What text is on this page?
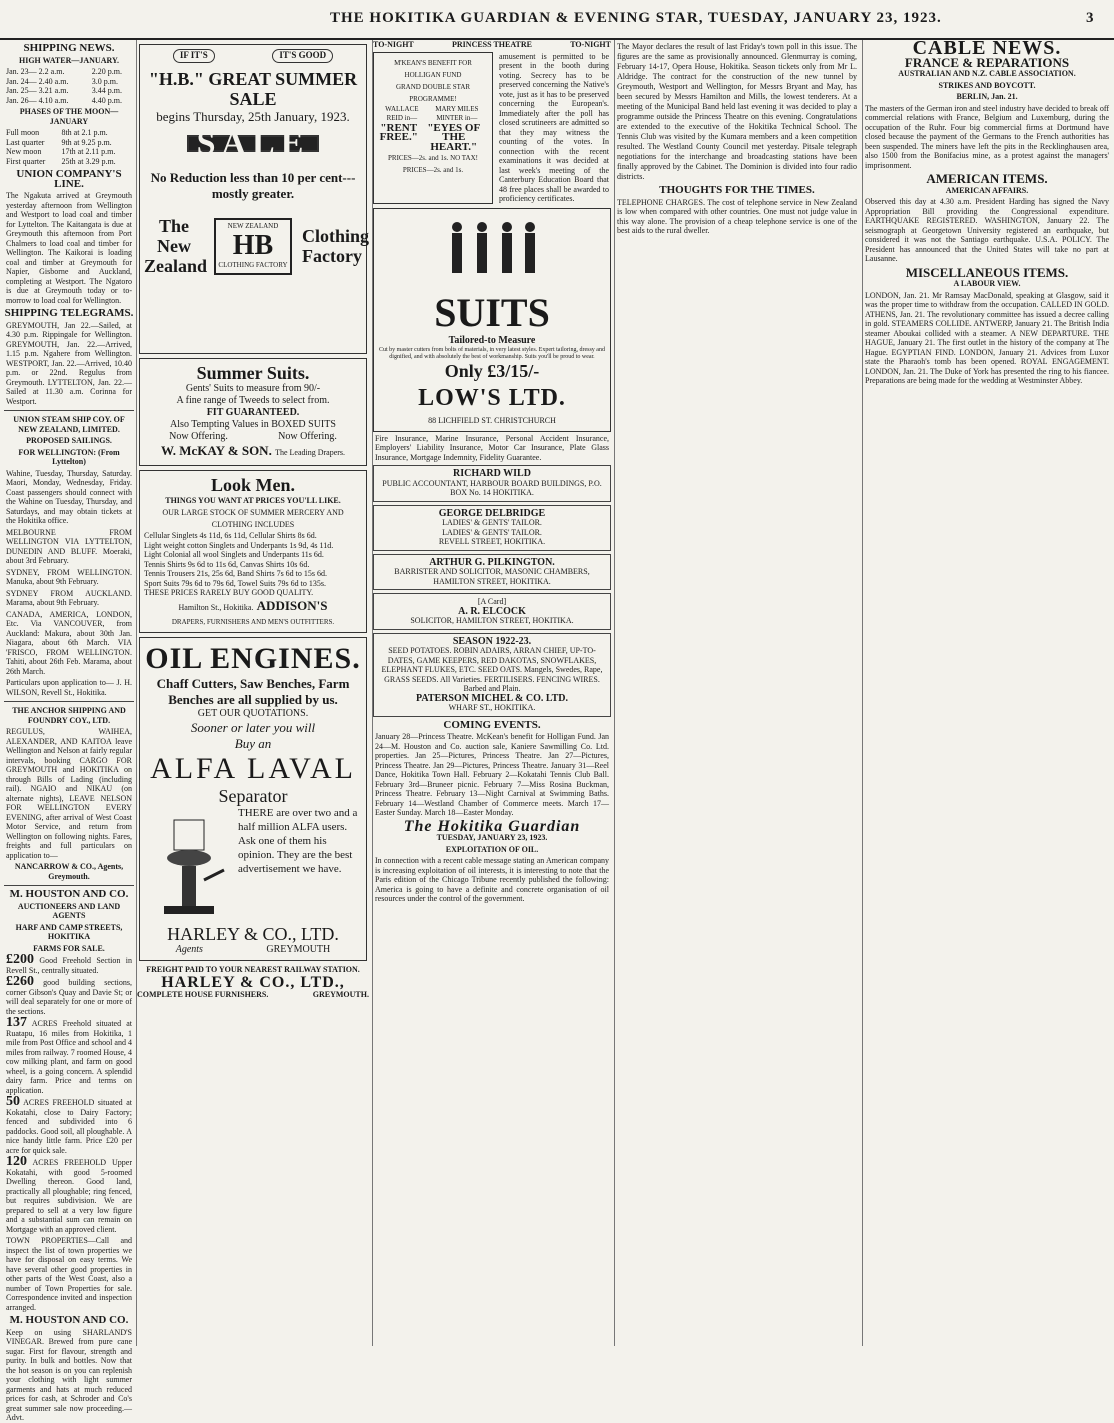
THE HOKITIKA GUARDIAN & EVENING STAR, TUESDAY, JANUARY 23, 1923.	3
SHIPPING NEWS.
HIGH WATER—JANUARY.
Jan. 23— 2.2 a.m.	2.20 p.m.
Jan. 24— 2.40 a.m.	3.0 p.m.
Jan. 25— 3.21 a.m.	3.44 p.m.
Jan. 26— 4.10 a.m.	4.40 p.m.
PHASES OF THE MOON—JANUARY
Full moon	8th at 2.1 p.m.
Last quarter	9th at 9.25 p.m.
New moon	17th at 2.11 p.m.
First quarter	25th at 3.29 p.m.
UNION COMPANY'S LINE.
The Ngakuta arrived at Greymouth yesterday afternoon from Wellington and Westport to load coal and timber for Lyttelton. The Kaitangata is due at Greymouth this afternoon from Port Chalmers to load coal and timber for Wellington. The Kaikorai is loading coal and timber at Greymouth for Napier, Gisborne and Auckland, completing at Westport. The Ngatoro is due at Greymouth today or to-morrow to load coal for Wellington.
SHIPPING TELEGRAMS.
GREYMOUTH, Jan 22.—Sailed, at 4.30 p.m. Rippingale for Wellington. GREYMOUTH, Jan. 22.—Arrived, 1.15 p.m. Ngahere from Wellington. WESTPORT, Jan. 22.—Arrived, 10.40 p.m. or 22nd. Regulus from Greymouth. LYTTELTON, Jan. 22.—Sailed at 11.30 a.m. Corinna for Westport.
UNION STEAM SHIP COY. OF NEW ZEALAND, LIMITED.
PROPOSED SAILINGS.
FOR WELLINGTON: (From Lyttelton)
Wahine, Tuesday, Thursday, Saturday. Maori, Monday, Wednesday, Friday. Coast passengers should connect with the Wahine on Tuesday, Thursday, and Saturdays, and may obtain tickets at the Hokitika office.
MELBOURNE FROM WELLINGTON VIA LYTTELTON, DUNEDIN AND BLUFF. Moeraki, about 3rd February.
SYDNEY, FROM WELLINGTON. Manuka, about 9th February.
SYDNEY FROM AUCKLAND. Marama, about 9th February.
CANADA, AMERICA, LONDON, Etc. Via VANCOUVER, from Auckland: Makura, about 30th Jan. Niagara, about 6th March. VIA 'FRISCO, FROM WELLINGTON. Tahiti, about 26th Feb. Marama, about 26th March.
Particulars upon application to— J. H. WILSON, Revell St., Hokitika.
THE ANCHOR SHIPPING AND FOUNDRY COY., LTD.
REGULUS, WAIHEA, ALEXANDER, AND KAITOA leave Wellington and Nelson at fairly regular intervals, booking CARGO FOR GREYMOUTH and HOKITIKA on through Bills of Lading (including rail). NGAIO and NIKAU (on alternate nights), LEAVE NELSON FOR WELLINGTON EVERY EVENING, after arrival of West Coast Motor Service, and return from Wellington on following nights. Fares, freights and full particulars on application to—
NANCARROW & CO., Agents, Greymouth.
M. HOUSTON AND CO.
AUCTIONEERS AND LAND AGENTS
HARF AND CAMP STREETS, HOKITIKA
FARMS FOR SALE.
£200 Good Freehold Section in Revell St., centrally situated.
£260 good building sections, corner Gibson's Quay and Davie St; or will deal separately for one or more of the sections.
137 ACRES Freehold situated at Ruatapu, 16 miles from Hokitika, 1 mile from Post Office and school and 4 miles from railway. 7 roomed House, 4 cow milking plant, and farm on good wheel, is a going concern. A splendid dairy farm. Price and terms on application.
50 ACRES FREEHOLD situated at Kokatahi, close to Dairy Factory; fenced and subdivided into 6 paddocks. Good soil, all ploughable. A nice handy little farm. Price £20 per acre for quick sale.
120 ACRES FREEHOLD Upper Kokatahi, with good 5-roomed Dwelling thereon. Good land, practically all ploughable; ring fenced, but requires subdivision. We are prepared to sell at a very low figure and a substantial sum can remain on Mortgage with an approved client.
TOWN PROPERTIES—Call and inspect the list of town properties we have for disposal on easy terms. We have several other good properties in other parts of the West Coast, also a number of Town Properties for sale. Correspondence invited and inspection arranged.
M. HOUSTON AND CO.
Keep on using SHARLAND'S VINEGAR. Brewed from pure cane sugar. First for flavour, strength and purity. In bulk and bottles. Now that the hot season is on you can replenish your clothing with light summer garments and hats at much reduced prices for cash, at Schroder and Co's great summer sale now proceeding.—Advt.
IF IT'S	IT'S GOOD
"H.B." GREAT SUMMER SALE
begins Thursday, 25th January, 1923.
SALE
No Reduction less than 10 per cent---mostly greater.
The New Zealand
NEW ZEALAND
HB
CLOTHING FACTORY
Clothing Factory
Summer Suits.
Gents' Suits to measure from 90/-
A fine range of Tweeds to select from.
FIT GUARANTEED.
Also Tempting Values in BOXED SUITS
Now Offering.	Now Offering.
W. McKAY & SON. The Leading Drapers.
Look Men.
THINGS YOU WANT AT PRICES YOU'LL LIKE.
OUR LARGE STOCK OF SUMMER MERCERY AND CLOTHING INCLUDES
Cellular Singlets 4s 11d, 6s 11d, Cellular Shirts 8s 6d.
Light weight cotton Singlets and Underpants 1s 9d, 4s 11d.
Light Colonial all wool Singlets and Underpants 11s 6d.
Tennis Shirts 9s 6d to 11s 6d, Canvas Shirts 10s 6d.
Tennis Trousers 21s, 25s 6d, Band Shirts 7s 6d to 15s 6d.
Sport Suits 79s 6d to 79s 6d, Towel Suits 79s 6d to 135s.
THESE PRICES RARELY BUY GOOD QUALITY.
Hamilton St., Hokitika. ADDISON'S
DRAPERS, FURNISHERS AND MEN'S OUTFITTERS.
OIL ENGINES.
Chaff Cutters, Saw Benches, Farm Benches are all supplied by us.
GET OUR QUOTATIONS.
Sooner or later you will
Buy an
ALFA LAVAL
Separator
THERE are over two and a half million ALFA users. Ask one of them his opinion. They are the best advertisement we have.
HARLEY & CO., LTD.
Agents	GREYMOUTH
FREIGHT PAID TO YOUR NEAREST RAILWAY STATION.
HARLEY & CO., LTD.,
COMPLETE HOUSE FURNISHERS.	GREYMOUTH.
TO-NIGHT	PRINCESS THEATRE	TO-NIGHT
M'KEAN'S BENEFIT FOR HOLLIGAN FUND
GRAND DOUBLE STAR PROGRAMME!
WALLACE REID in—
MARY MILES MINTER in—
"RENT FREE."
"EYES OF THE HEART."
PRICES—2s. and 1s. NO TAX! PRICES—2s. and 1s.
amusement is permitted to be present in the booth during voting. Secrecy has to be preserved concerning the Native's vote, just as it has to be preserved concerning the European's. Immediately after the poll has closed scrutineers are admitted so that they may witness the counting of the votes. In connection with the recent examinations it was decided at last week's meeting of the Canterbury Education Board that 48 free places shall be awarded to proficiency certificates.
SUITS
Tailored-to Measure
Cut by master cutters from bolts of materials, in very latest styles. Expert tailoring, dressy and dignified, and with absolutely the best of workmanship. Suits you'll be proud to wear.
Only £3/15/-
LOW'S LTD.
88 LICHFIELD ST. CHRISTCHURCH
Fire Insurance, Marine Insurance, Personal Accident Insurance, Employers' Liability Insurance, Motor Car Insurance, Plate Glass Insurance, Mortgage Indemnity, Fidelity Guarantee.
RICHARD WILD
PUBLIC ACCOUNTANT, HARBOUR BOARD BUILDINGS, P.O. BOX No. 14 HOKITIKA.
GEORGE DELBRIDGE
LADIES' & GENTS' TAILOR.
LADIES' & GENTS' TAILOR.
REVELL STREET, HOKITIKA.
ARTHUR G. PILKINGTON.
BARRISTER AND SOLICITOR, MASONIC CHAMBERS, HAMILTON STREET, HOKITIKA.
[A Card]
A. R. ELCOCK
SOLICITOR, HAMILTON STREET, HOKITIKA.
SEASON 1922-23.
SEED POTATOES. ROBIN ADAIRS, ARRAN CHIEF, UP-TO-DATES, GAME KEEPERS, RED DAKOTAS, SNOWFLAKES, ELEPHANT FLUKES, ETC. SEED OATS. Mangels, Swedes, Rape, GRASS SEEDS. All Varieties. FERTILISERS. FENCING WIRES. Barbed and Plain.
PATERSON MICHEL & CO. LTD.
WHARF ST., HOKITIKA.
COMING EVENTS.
January 28—Princess Theatre. McKean's benefit for Holligan Fund. Jan 24—M. Houston and Co. auction sale, Kaniere Sawmilling Co. Ltd. properties. Jan 25—Pictures, Princess Theatre. Jan 27—Pictures, Princess Theatre. Jan 29—Pictures, Princess Theatre. January 31—Reel Dance, Hokitika Town Hall. February 2—Kokatahi Tennis Club Ball. February 3rd—Bruneer picnic. February 7—Miss Rosina Buckman, Princess Theatre. February 13—Night Carnival at Swimming Baths. February 14—Westland Chamber of Commerce meets. March 17—Easter Sunday. March 18—Easter Monday.
The Hokitika Guardian
TUESDAY, JANUARY 23, 1923.
EXPLOITATION OF OIL.
In connection with a recent cable message stating an American company is increasing exploitation of oil interests, it is interesting to note that the Paris edition of the Chicago Tribune recently published the following: America is going to have a definite and concrete organisation of oil resources under the control of the government.
The Mayor declares the result of last Friday's town poll in this issue. The figures are the same as provisionally announced. Glenmurray is coming, February 14-17, Opera House, Hokitika. Season tickets only from Mr L. Aldridge. The contract for the construction of the new tunnel by Greymouth, Westport and Wellington, for Messrs Bryant and May, has been secured by Messrs Hamilton and Mills, the lowest tenderers. At a meeting of the Municipal Band held last evening it was decided to play a programme outside the Princess Theatre on this evening. Congratulations are extended to the executive of the Hokitika Technical School. The Tennis Club was visited by the Kumara members and a keen competition resulted. The Westland County Council met yesterday. Pitsale telegraph negotiations for the interchange and broadcasting stations have been finally approved by the Cabinet. The Dominion is divided into four radio districts.
THOUGHTS FOR THE TIMES.
TELEPHONE CHARGES. The cost of telephone service in New Zealand is low when compared with other countries. One must not judge value in this way alone. The provision of a cheap telephone service is one of the best aids to the rural dweller.
CABLE NEWS.
FRANCE & REPARATIONS
AUSTRALIAN AND N.Z. CABLE ASSOCIATION.
STRIKES AND BOYCOTT.
BERLIN, Jan. 21.
The masters of the German iron and steel industry have decided to break off commercial relations with France, Belgium and Luxemburg, during the occupation of the Ruhr. Four big commercial firms at Dortmund have closed because the payment of the Germans to the French authorities has been suspended. The miners have left the pits in the Recklinghausen area, also 1500 from the Bonifacius mine, as a protest against the managers' imprisonment.
AMERICAN ITEMS.
AMERICAN AFFAIRS.
Observed this day at 4.30 a.m. President Harding has signed the Navy Appropriation Bill providing the Congressional expenditure. EARTHQUAKE REGISTERED. WASHINGTON, January 22. The seismograph at Georgetown University registered an earthquake, but considered it was not the Santiago earthquake. U.S.A. POLICY. The President has announced that the United States will take no part at Lausanne.
MISCELLANEOUS ITEMS.
A LABOUR VIEW.
LONDON, Jan. 21. Mr Ramsay MacDonald, speaking at Glasgow, said it was the proper time to withdraw from the occupation. CALLED IN GOLD. ATHENS, Jan. 21. The revolutionary committee has issued a decree calling in gold. STEAMERS COLLIDE. ANTWERP, January 21. The British India steamer Aboukai collided with a steamer. A NEW DEPARTURE. THE HAGUE, January 21. The first outlet in the history of the company at The Hague. EGYPTIAN FIND. LONDON, January 21. Advices from Luxor state the Pharaoh's tomb has been opened. ROYAL ENGAGEMENT. LONDON, Jan. 21. The Duke of York has presented the ring to his fiancee. Preparations are being made for the wedding at Westminster Abbey.
